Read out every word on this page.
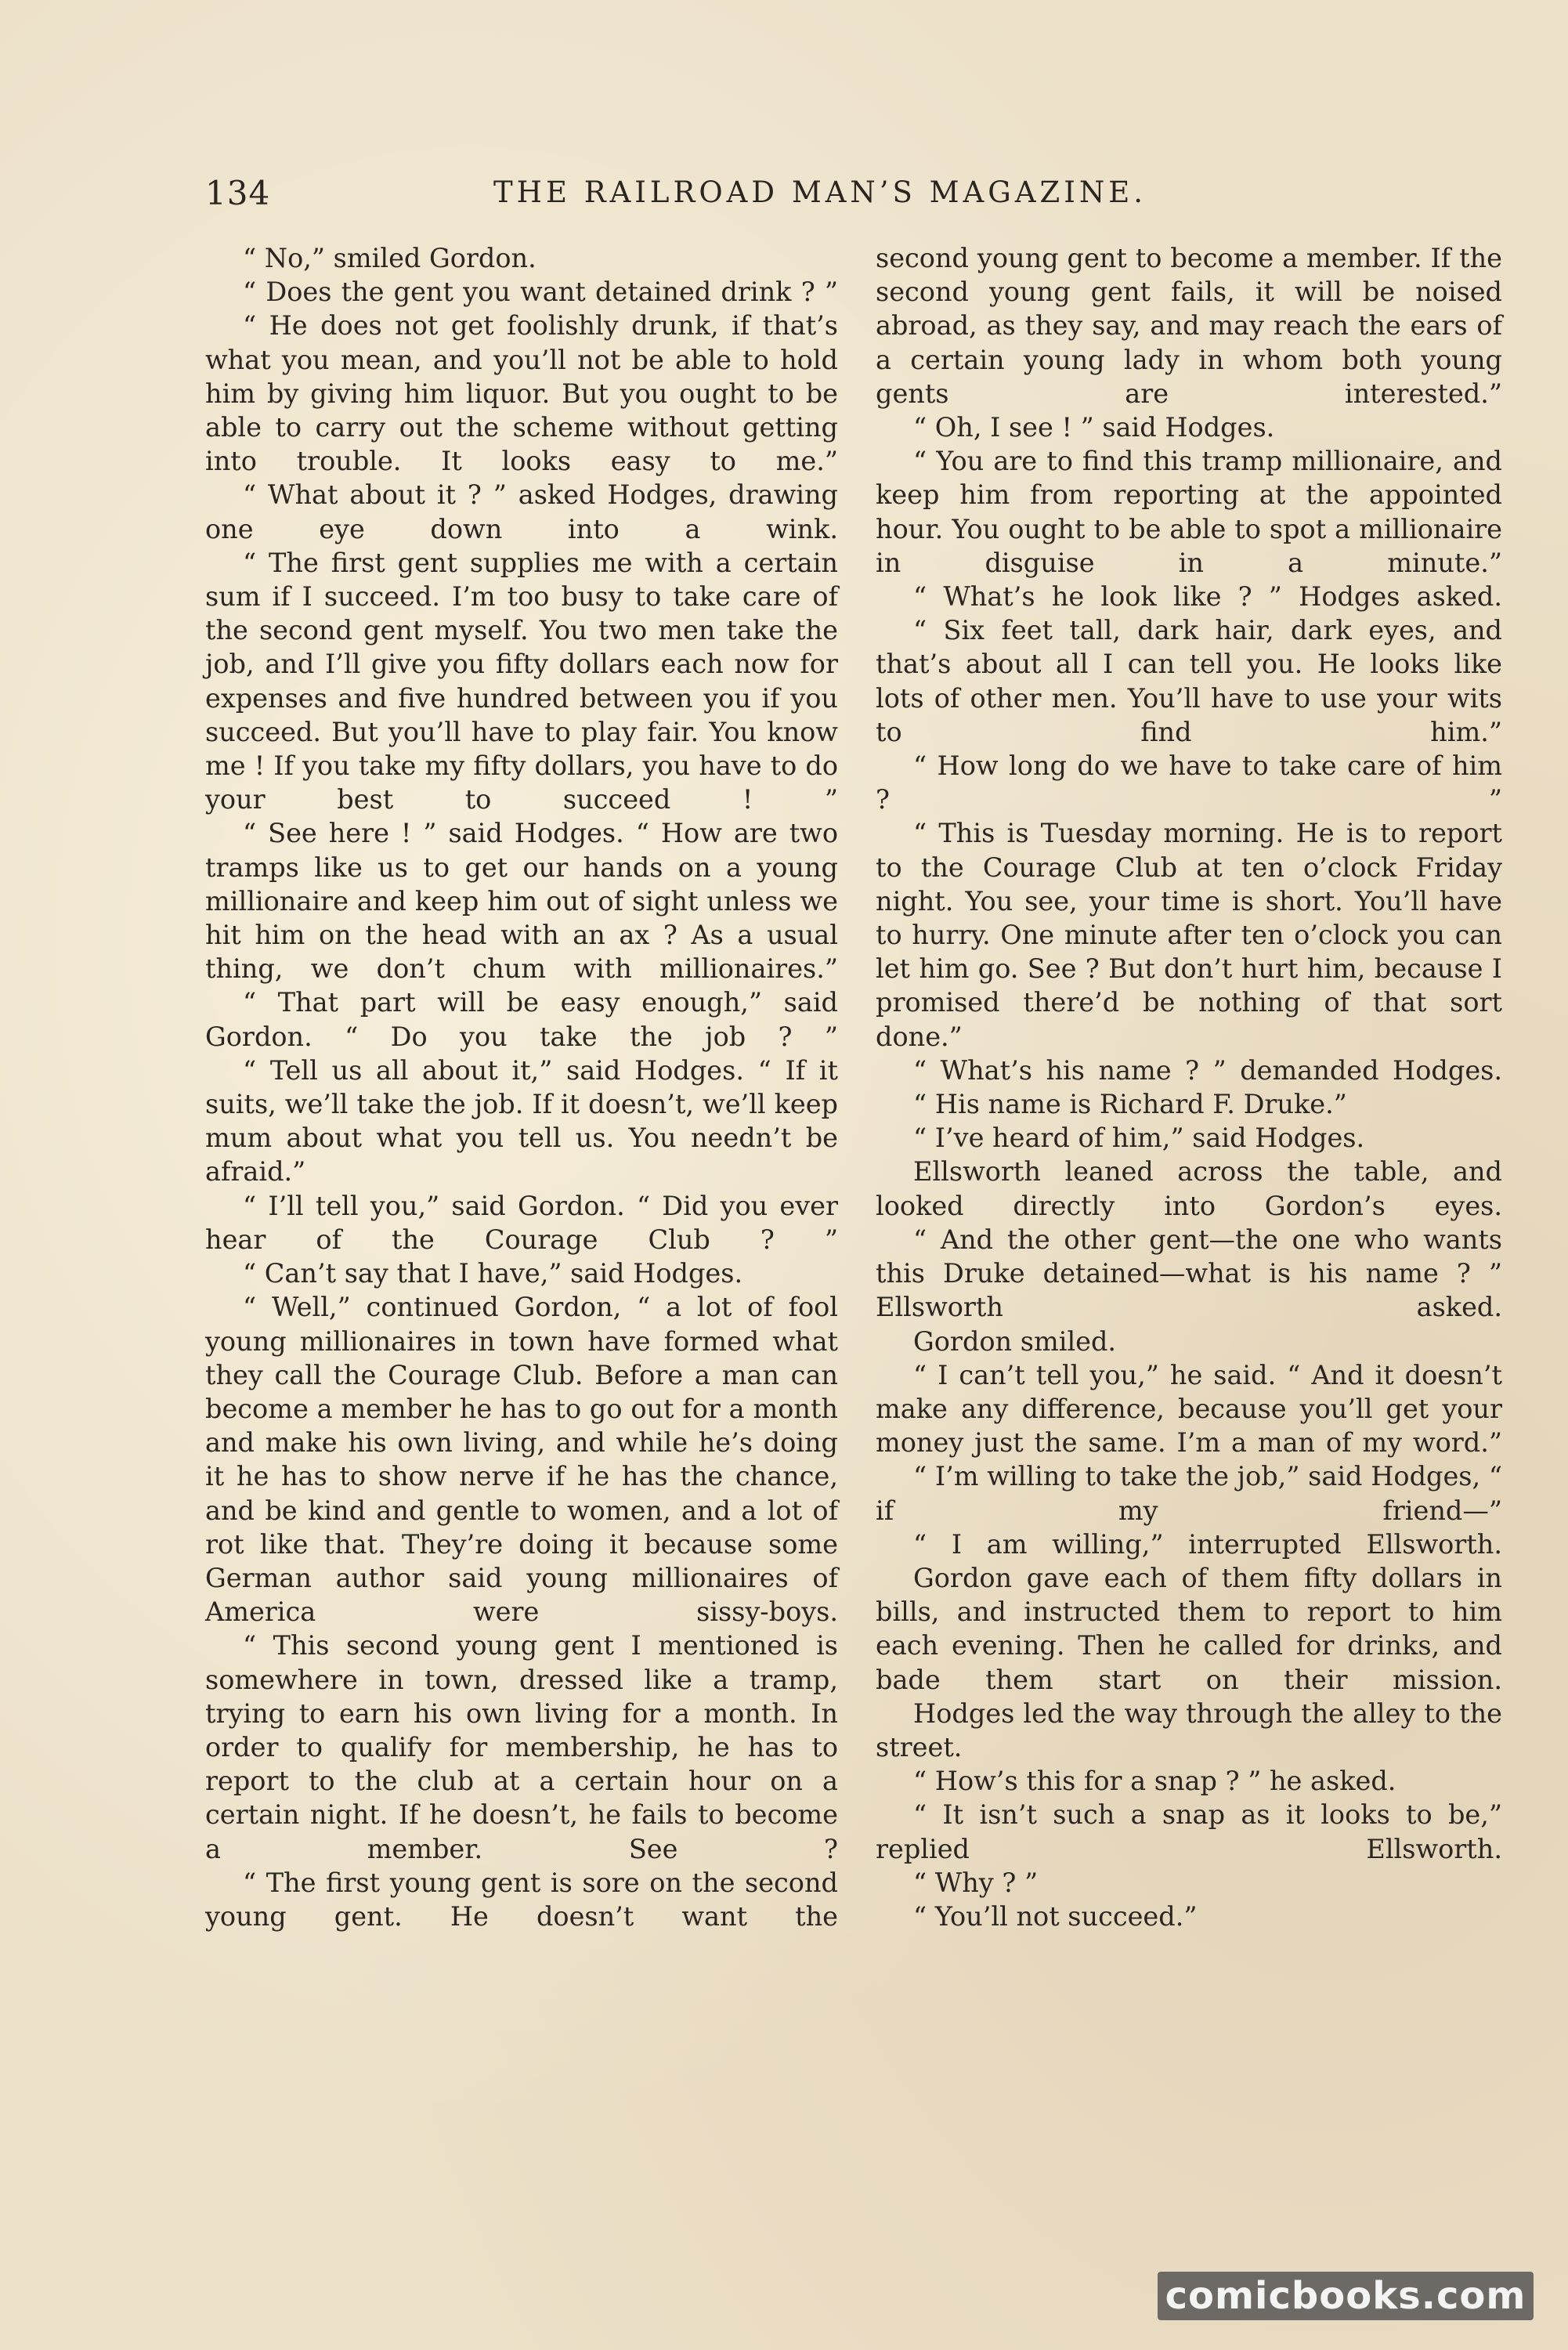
134	THE RAILROAD MAN’S MAGAZINE.

“ No,” smiled Gordon.

“ Does the gent you want detained drink ? ”

“ He does not get foolishly drunk, if that’s what you mean, and you’ll not be able to hold him by giving him liquor. But you ought to be able to carry out the scheme without getting into trouble. It looks easy to me.”

“ What about it ? ” asked Hodges, drawing one eye down into a wink.

“ The first gent supplies me with a certain sum if I succeed. I’m too busy to take care of the second gent myself. You two men take the job, and I’ll give you fifty dollars each now for expenses and five hundred between you if you succeed. But you’ll have to play fair. You know me ! If you take my fifty dollars, you have to do your best to succeed ! ”

“ See here ! ” said Hodges. “ How are two tramps like us to get our hands on a young millionaire and keep him out of sight unless we hit him on the head with an ax ? As a usual thing, we don’t chum with millionaires.”

“ That part will be easy enough,” said Gordon. “ Do you take the job ? ”

“ Tell us all about it,” said Hodges. “ If it suits, we’ll take the job. If it doesn’t, we’ll keep mum about what you tell us. You needn’t be afraid.”

“ I’ll tell you,” said Gordon. “ Did you ever hear of the Courage Club ? ”

“ Can’t say that I have,” said Hodges.

“ Well,” continued Gordon, “ a lot of fool young millionaires in town have formed what they call the Courage Club. Before a man can become a member he has to go out for a month and make his own living, and while he’s doing it he has to show nerve if he has the chance, and be kind and gentle to women, and a lot of rot like that. They’re doing it because some German author said young millionaires of America were sissy-boys.

“ This second young gent I mentioned is somewhere in town, dressed like a tramp, trying to earn his own living for a month. In order to qualify for membership, he has to report to the club at a certain hour on a certain night. If he doesn’t, he fails to become a member. See ?

“ The first young gent is sore on the second young gent. He doesn’t want the

second young gent to become a member. If the second young gent fails, it will be noised abroad, as they say, and may reach the ears of a certain young lady in whom both young gents are interested.”

“ Oh, I see ! ” said Hodges.

“ You are to find this tramp millionaire, and keep him from reporting at the appointed hour. You ought to be able to spot a millionaire in disguise in a minute.”

“ What’s he look like ? ” Hodges asked.

“ Six feet tall, dark hair, dark eyes, and that’s about all I can tell you. He looks like lots of other men. You’ll have to use your wits to find him.”

“ How long do we have to take care of him ? ”

“ This is Tuesday morning. He is to report to the Courage Club at ten o’clock Friday night. You see, your time is short. You’ll have to hurry. One minute after ten o’clock you can let him go. See ? But don’t hurt him, because I promised there’d be nothing of that sort done.”

“ What’s his name ? ” demanded Hodges.

“ His name is Richard F. Druke.”

“ I’ve heard of him,” said Hodges.

Ellsworth leaned across the table, and looked directly into Gordon’s eyes.

“ And the other gent—the one who wants this Druke detained—what is his name ? ” Ellsworth asked.

Gordon smiled.

“ I can’t tell you,” he said. “ And it doesn’t make any difference, because you’ll get your money just the same. I’m a man of my word.”

“ I’m willing to take the job,” said Hodges, “ if my friend—”

“ I am willing,” interrupted Ellsworth.

Gordon gave each of them fifty dollars in bills, and instructed them to report to him each evening. Then he called for drinks, and bade them start on their mission.

Hodges led the way through the alley to the street.

“ How’s this for a snap ? ” he asked.

“ It isn’t such a snap as it looks to be,” replied Ellsworth.

“ Why ? ”

“ You’ll not succeed.”

comicbooks.com
